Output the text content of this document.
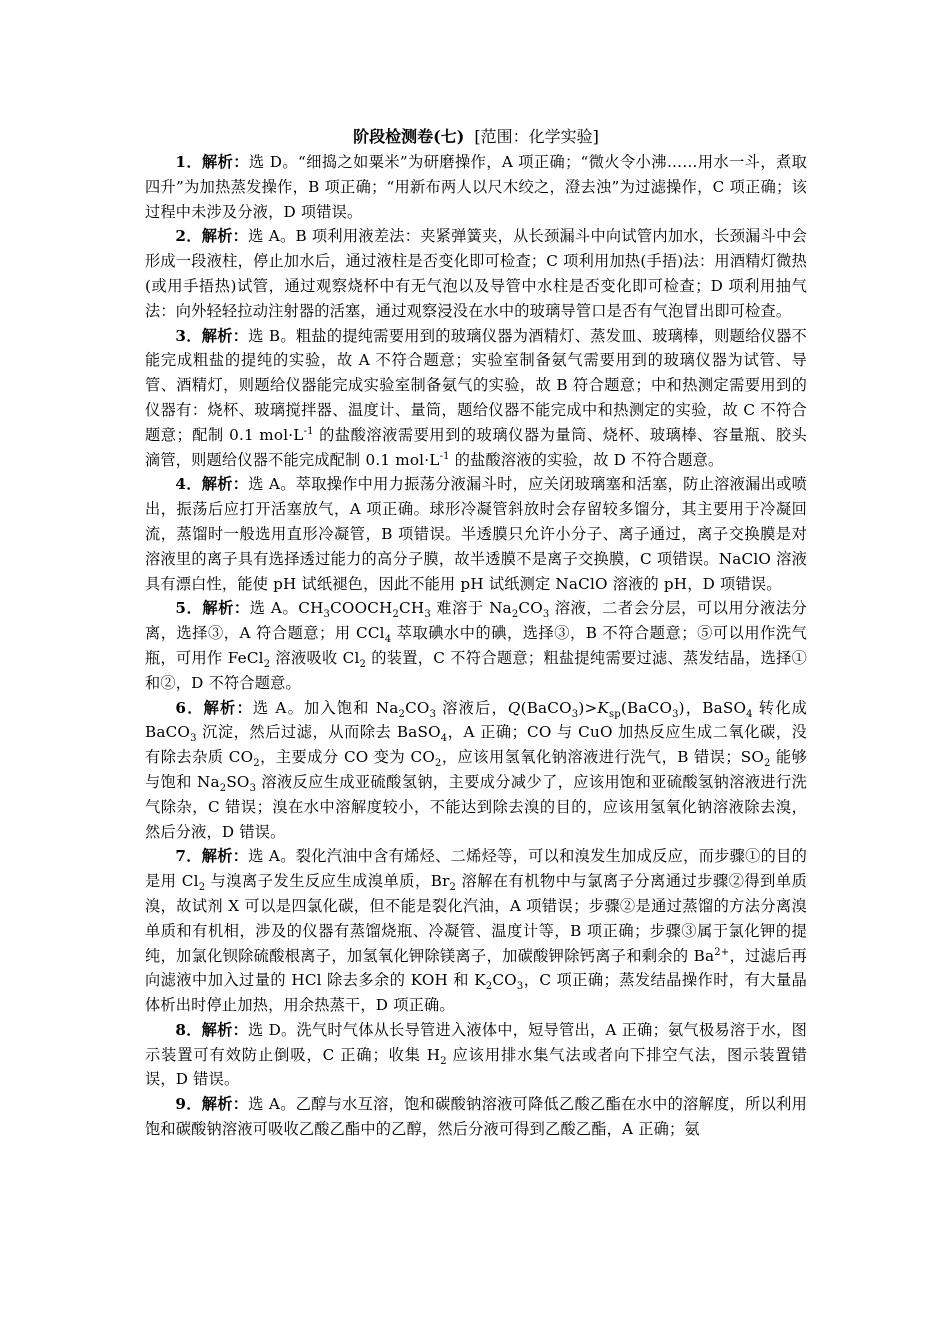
阶段检测卷(七) [范围：化学实验]

1．解析：选 D。“细捣之如粟米”为研磨操作，A 项正确；“微火令小沸……用水一斗，煮取四升”为加热蒸发操作，B 项正确；“用新布两人以尺木绞之，澄去浊”为过滤操作，C 项正确；该过程中未涉及分液，D 项错误。

2．解析：选 A。B 项利用液差法：夹紧弹簧夹，从长颈漏斗中向试管内加水，长颈漏斗中会形成一段液柱，停止加水后，通过液柱是否变化即可检查；C 项利用加热(手捂)法：用酒精灯微热(或用手捂热)试管，通过观察烧杯中有无气泡以及导管中水柱是否变化即可检查；D 项利用抽气法：向外轻轻拉动注射器的活塞，通过观察浸没在水中的玻璃导管口是否有气泡冒出即可检查。

3．解析：选 B。粗盐的提纯需要用到的玻璃仪器为酒精灯、蒸发皿、玻璃棒，则题给仪器不能完成粗盐的提纯的实验，故 A 不符合题意；实验室制备氨气需要用到的玻璃仪器为试管、导管、酒精灯，则题给仪器能完成实验室制备氨气的实验，故 B 符合题意；中和热测定需要用到的仪器有：烧杯、玻璃搅拌器、温度计、量筒，题给仪器不能完成中和热测定的实验，故 C 不符合题意；配制 0.1 $mol\cdot L^{-1}$ 的盐酸溶液需要用到的玻璃仪器为量筒、烧杯、玻璃棒、容量瓶、胶头滴管，则题给仪器不能完成配制 0.1 $mol\cdot L^{-1}$ 的盐酸溶液的实验，故 D 不符合题意。

4．解析：选 A。萃取操作中用力振荡分液漏斗时，应关闭玻璃塞和活塞，防止溶液漏出或喷出，振荡后应打开活塞放气，A 项正确。球形冷凝管斜放时会存留较多馏分，其主要用于冷凝回流，蒸馏时一般选用直形冷凝管，B 项错误。半透膜只允许小分子、离子通过，离子交换膜是对溶液里的离子具有选择透过能力的高分子膜，故半透膜不是离子交换膜，C 项错误。NaClO 溶液具有漂白性，能使 pH 试纸褪色，因此不能用 pH 试纸测定 NaClO 溶液的 pH，D 项错误。

5．解析：选 A。$CH_3COOCH_2CH_3$ 难溶于 $Na_2CO_3$ 溶液，二者会分层，可以用分液法分离，选择③，A 符合题意；用 CCl$_4$ 萃取碘水中的碘，选择③，B 不符合题意；⑤可以用作洗气瓶，可用作 FeCl$_2$ 溶液吸收 $Cl_2$ 的装置，C 不符合题意；粗盐提纯需要过滤、蒸发结晶，选择①和②，D 不符合题意。

6．解析：选 A。加入饱和 $Na_2CO_3$ 溶液后，$Q(BaCO_3)>K_{sp}(BaCO_3)$，BaSO$_4$ 转化成 BaCO$_3$ 沉淀，然后过滤，从而除去 BaSO$_4$，A 正确；CO 与 CuO 加热反应生成二氧化碳，没有除去杂质 $CO_2$，主要成分 CO 变为 $CO_2$，应该用氢氧化钠溶液进行洗气，B 错误；$SO_2$ 能够与饱和 $Na_2SO_3$ 溶液反应生成亚硫酸氢钠，主要成分减少了，应该用饱和亚硫酸氢钠溶液进行洗气除杂，C 错误；溴在水中溶解度较小，不能达到除去溴的目的，应该用氢氧化钠溶液除去溴，然后分液，D 错误。

7．解析：选 A。裂化汽油中含有烯烃、二烯烃等，可以和溴发生加成反应，而步骤①的目的是用 $Cl_2$ 与溴离子发生反应生成溴单质，$Br_2$ 溶解在有机物中与氯离子分离通过步骤②得到单质溴，故试剂 X 可以是四氯化碳，但不能是裂化汽油，A 项错误；步骤②是通过蒸馏的方法分离溴单质和有机相，涉及的仪器有蒸馏烧瓶、冷凝管、温度计等，B 项正确；步骤③属于氯化钾的提纯，加氯化钡除硫酸根离子，加氢氧化钾除镁离子，加碳酸钾除钙离子和剩余的 $Ba^{2+}$，过滤后再向滤液中加入过量的 HCl 除去多余的 KOH 和 $K_2CO_3$，C 项正确；蒸发结晶操作时，有大量晶体析出时停止加热，用余热蒸干，D 项正确。

8．解析：选 D。洗气时气体从长导管进入液体中，短导管出，A 正确；氨气极易溶于水，图示装置可有效防止倒吸，C 正确；收集 $H_2$ 应该用排水集气法或者向下排空气法，图示装置错误，D 错误。

9．解析：选 A。乙醇与水互溶，饱和碳酸钠溶液可降低乙酸乙酯在水中的溶解度，所以利用饱和碳酸钠溶液可吸收乙酸乙酯中的乙醇，然后分液可得到乙酸乙酯，A 正确；氨
